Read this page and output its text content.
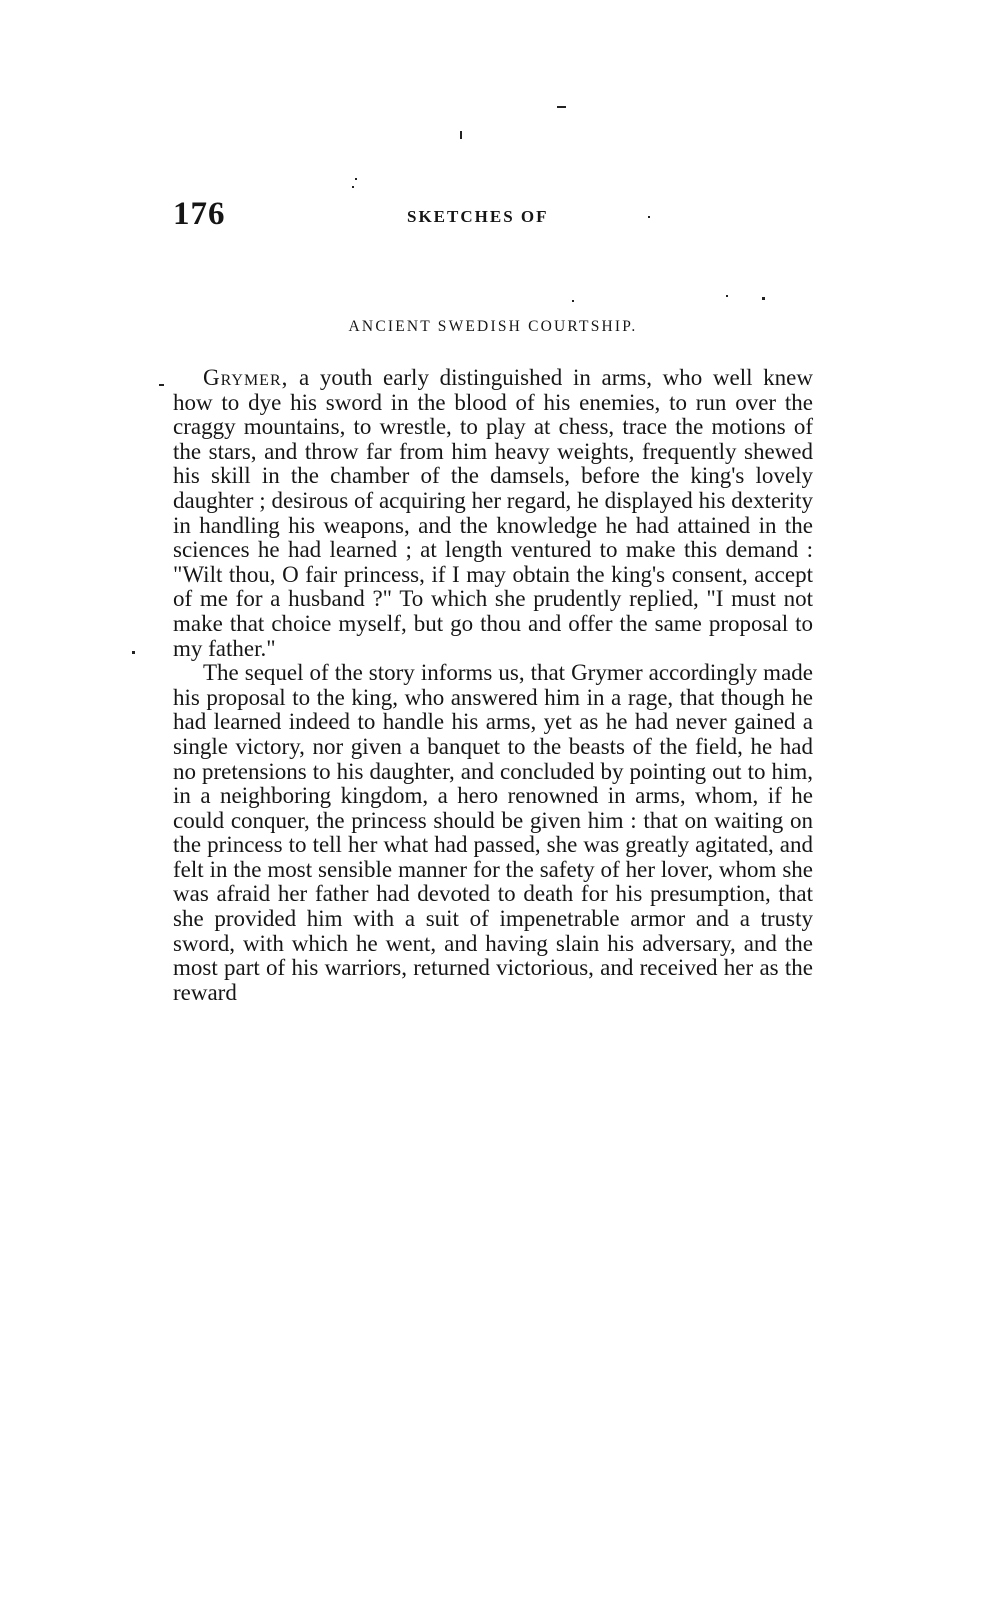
176	SKETCHES OF
ANCIENT SWEDISH COURTSHIP.

Grymer, a youth early distinguished in arms, who well knew how to dye his sword in the blood of his enemies, to run over the craggy mountains, to wrestle, to play at chess, trace the motions of the stars, and throw far from him heavy weights, frequently shewed his skill in the chamber of the damsels, before the king's lovely daughter ; desirous of acquiring her regard, he displayed his dexterity in handling his weapons, and the knowledge he had attained in the sciences he had learned ; at length ventured to make this demand : "Wilt thou, O fair princess, if I may obtain the king's consent, accept of me for a husband ?" To which she prudently replied, "I must not make that choice myself, but go thou and offer the same proposal to my father."

The sequel of the story informs us, that Grymer accordingly made his proposal to the king, who answered him in a rage, that though he had learned indeed to handle his arms, yet as he had never gained a single victory, nor given a banquet to the beasts of the field, he had no pretensions to his daughter, and concluded by pointing out to him, in a neighboring kingdom, a hero renowned in arms, whom, if he could conquer, the princess should be given him : that on waiting on the princess to tell her what had passed, she was greatly agitated, and felt in the most sensible manner for the safety of her lover, whom she was afraid her father had devoted to death for his presumption, that she provided him with a suit of impenetrable armor and a trusty sword, with which he went, and having slain his adversary, and the most part of his warriors, returned victorious, and received her as the reward
